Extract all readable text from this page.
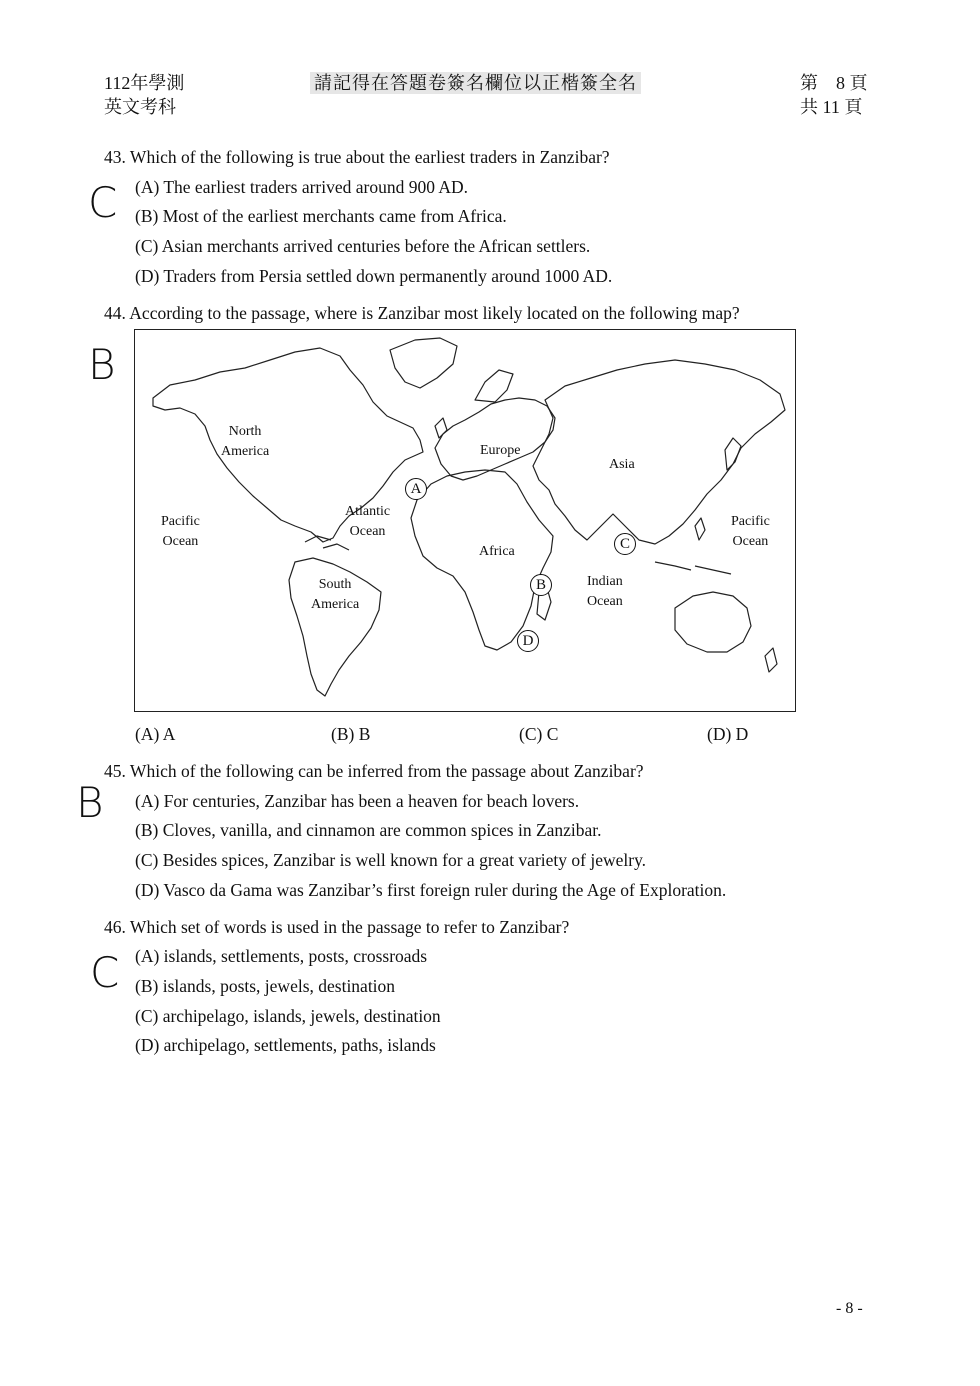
112年學測
英文考科
請記得在答題卷簽名欄位以正楷簽全名	第　8 頁
共 11 頁
C
B
B
C
43. Which of the following is true about the earliest traders in Zanzibar?
(A) The earliest traders arrived around 900 AD.
(B) Most of the earliest merchants came from Africa.
(C) Asian merchants arrived centuries before the African settlers.
(D) Traders from Persia settled down permanently around 1000 AD.
44. According to the passage, where is Zanzibar most likely located on the following map?
North
America
Pacific
Ocean
Atlantic
Ocean
South
America
Europe
Asia
Africa
Indian
Ocean
Pacific
Ocean
A
B
C
D
(A) A	(B) B	(C) C	(D) D
45. Which of the following can be inferred from the passage about Zanzibar?
(A) For centuries, Zanzibar has been a heaven for beach lovers.
(B) Cloves, vanilla, and cinnamon are common spices in Zanzibar.
(C) Besides spices, Zanzibar is well known for a great variety of jewelry.
(D) Vasco da Gama was Zanzibar’s first foreign ruler during the Age of Exploration.
46. Which set of words is used in the passage to refer to Zanzibar?
(A) islands, settlements, posts, crossroads
(B) islands, posts, jewels, destination
(C) archipelago, islands, jewels, destination
(D) archipelago, settlements, paths, islands
- 8 -
